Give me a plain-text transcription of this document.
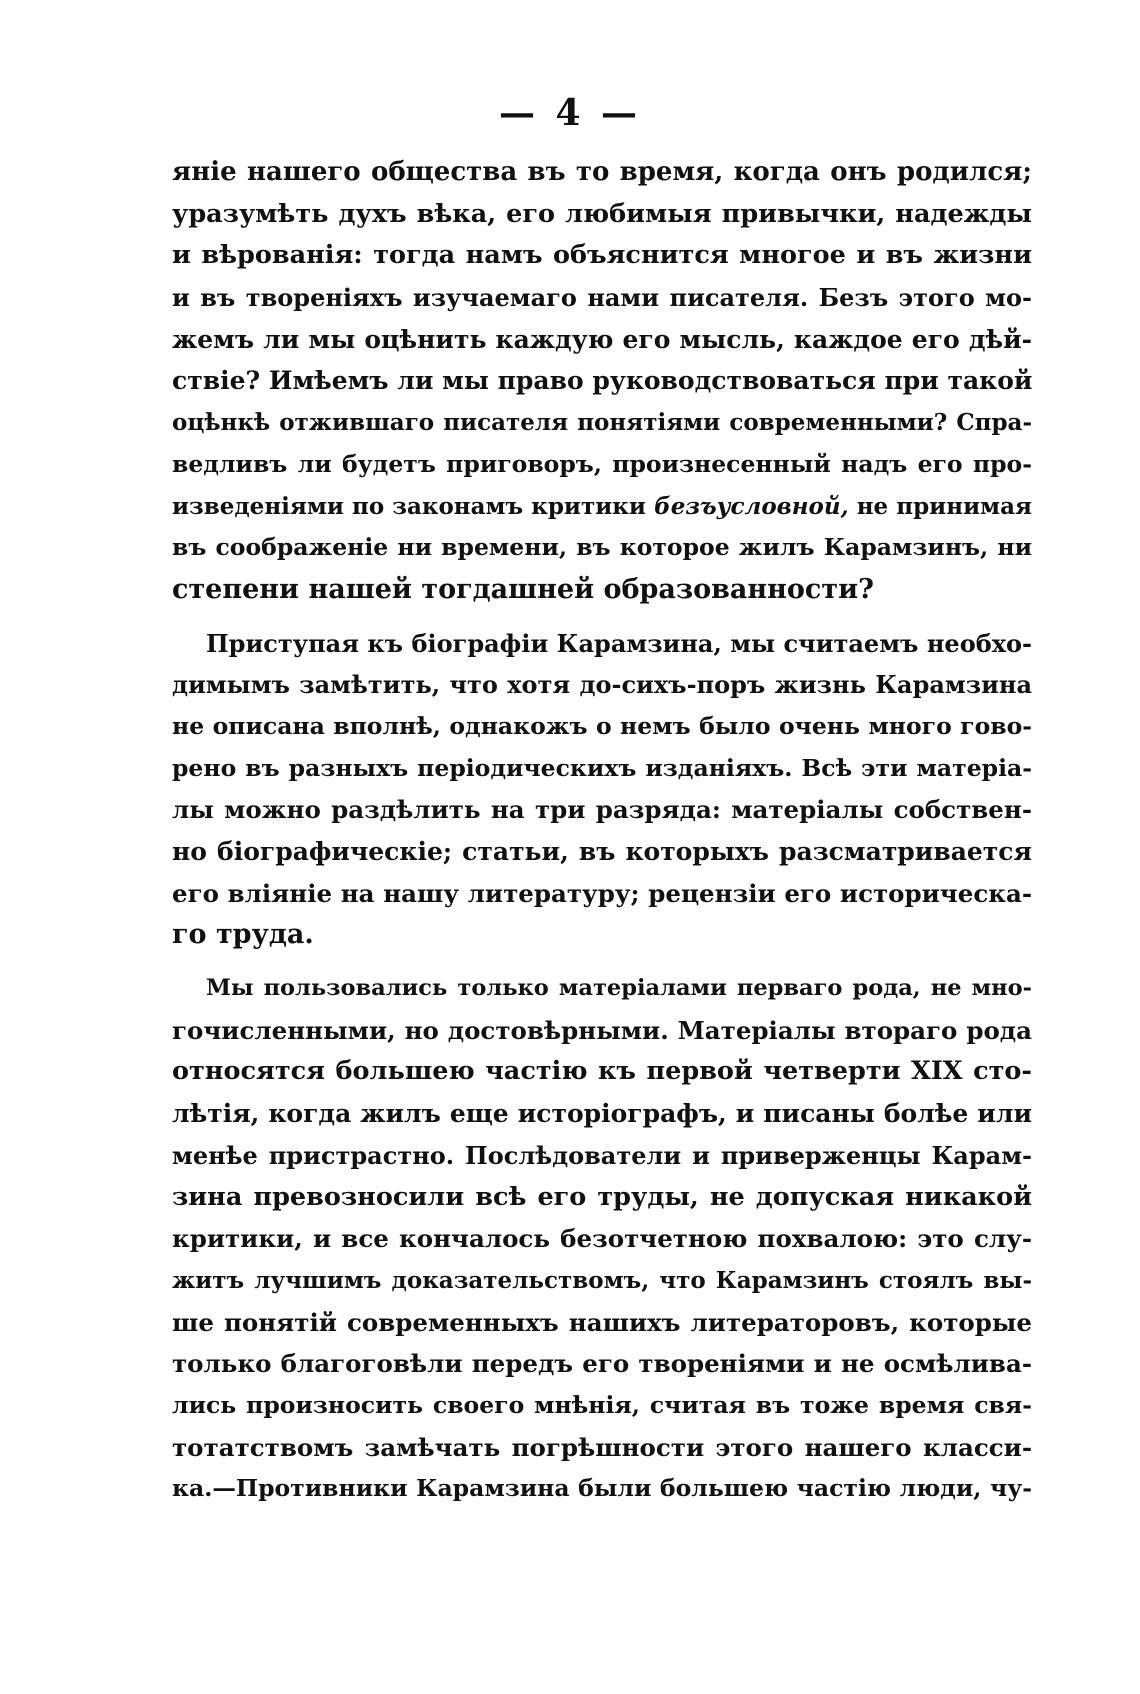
— 4 —
яніе нашего общества въ то время, когда онъ родился;
уразумѣть духъ вѣка, его любимыя привычки, надежды
и вѣрованія: тогда намъ объяснится многое и въ жизни
и въ твореніяхъ изучаемаго нами писателя. Безъ этого мо-
жемъ ли мы оцѣнить каждую его мысль, каждое его дѣй-
ствіе? Имѣемъ ли мы право руководствоваться при такой
оцѣнкѣ отжившаго писателя понятіями современными? Спра-
ведливъ ли будетъ приговоръ, произнесенный надъ его про-
изведеніями по законамъ критики безъусловной, не принимая
въ соображеніе ни времени, въ которое жилъ Карамзинъ, ни
степени нашей тогдашней образованности?
Приступая къ біографіи Карамзина, мы считаемъ необхо-
димымъ замѣтить, что хотя до-сихъ-поръ жизнь Карамзина
не описана вполнѣ, однакожъ о немъ было очень много гово-
рено въ разныхъ періодическихъ изданіяхъ. Всѣ эти матеріа-
лы можно раздѣлить на три разряда: матеріалы собствен-
но біографическіе; статьи, въ которыхъ разсматривается
его вліяніе на нашу литературу; рецензіи его историческа-
го труда.
Мы пользовались только матеріалами перваго рода, не мно-
гочисленными, но достовѣрными. Матеріалы втораго рода
относятся большею частію къ первой четверти XIX сто-
лѣтія, когда жилъ еще исторіографъ, и писаны болѣе или
менѣе пристрастно. Послѣдователи и приверженцы Карам-
зина превозносили всѣ его труды, не допуская никакой
критики, и все кончалось безотчетною похвалою: это слу-
житъ лучшимъ доказательствомъ, что Карамзинъ стоялъ вы-
ше понятій современныхъ нашихъ литераторовъ, которые
только благоговѣли передъ его твореніями и не осмѣлива-
лись произносить своего мнѣнія, считая въ тоже время свя-
тотатствомъ замѣчать погрѣшности этого нашего класси-
ка.—Противники Карамзина были большею частію люди, чу-
